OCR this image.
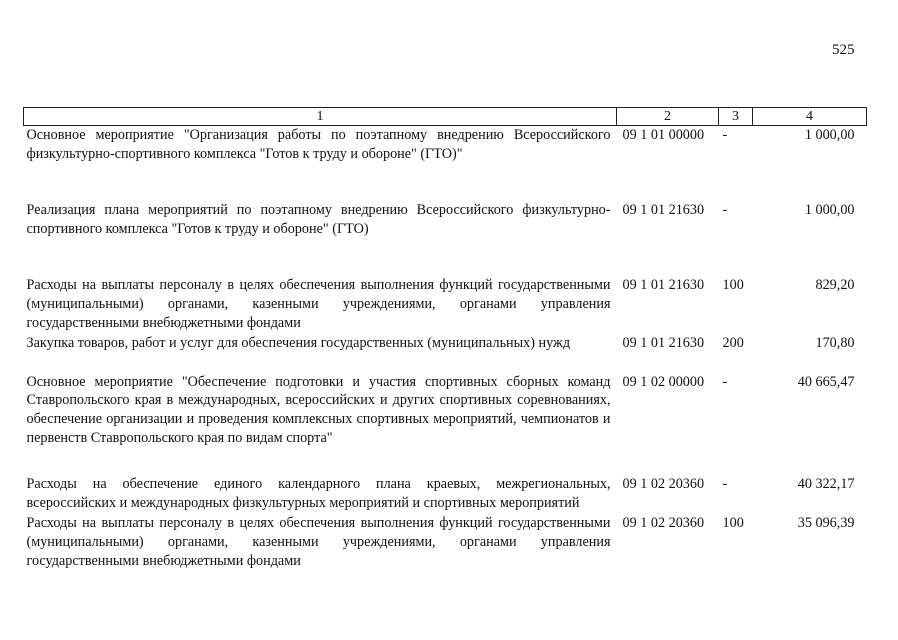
525
1	2	3	4
Основное мероприятие "Организация работы по поэтапному внедрению Всероссийского физкультурно-спортивного комплекса "Готов к труду и обороне" (ГТО)"	09 1 01 00000	-	1 000,00
Реализация плана мероприятий по поэтапному внедрению Всероссийского физкультурно-спортивного комплекса "Готов к труду и обороне" (ГТО)	09 1 01 21630	-	1 000,00
Расходы на выплаты персоналу в целях обеспечения выполнения функций государственными (муниципальными) органами, казенными учреждениями, органами управления государственными внебюджетными фондами	09 1 01 21630	100	829,20
Закупка товаров, работ и услуг для обеспечения государственных (муниципальных) нужд	09 1 01 21630	200	170,80
Основное мероприятие "Обеспечение подготовки и участия спортивных сборных команд Ставропольского края в международных, всероссийских и других спортивных соревнованиях, обеспечение организации и проведения комплексных спортивных мероприятий, чемпионатов и первенств Ставропольского края по видам спорта"	09 1 02 00000	-	40 665,47
Расходы на обеспечение единого календарного плана краевых, межрегиональных, всероссийских и международных физкультурных мероприятий и спортивных мероприятий	09 1 02 20360	-	40 322,17
Расходы на выплаты персоналу в целях обеспечения выполнения функций государственными (муниципальными) органами, казенными учреждениями, органами управления государственными внебюджетными фондами	09 1 02 20360	100	35 096,39
